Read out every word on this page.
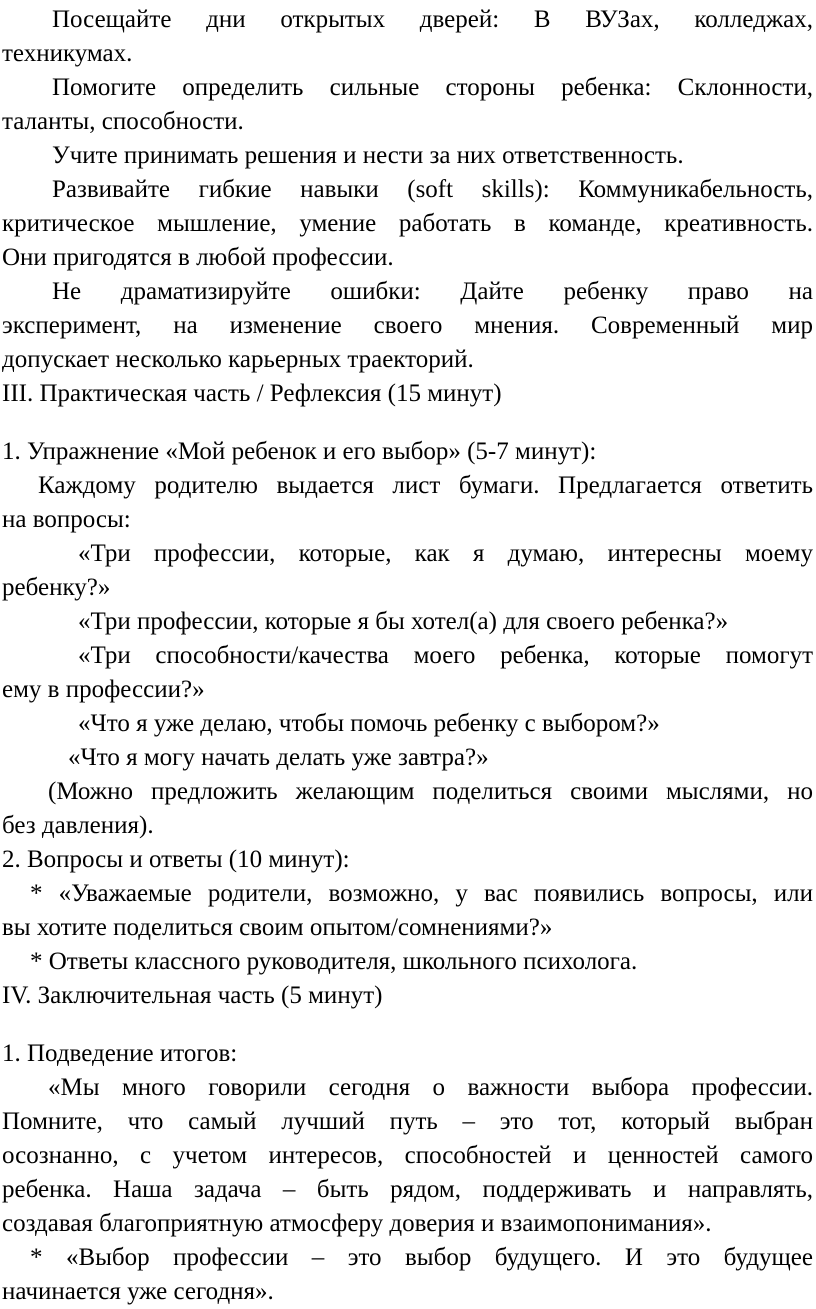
Посещайте дни открытых дверей: В ВУЗах, колледжах,
техникумах.
Помогите определить сильные стороны ребенка: Склонности,
таланты, способности.
Учите принимать решения и нести за них ответственность.
Развивайте гибкие навыки (soft skills): Коммуникабельность,
критическое мышление, умение работать в команде, креативность.
Они пригодятся в любой профессии.
Не драматизируйте ошибки: Дайте ребенку право на
эксперимент, на изменение своего мнения. Современный мир
допускает несколько карьерных траекторий.
III. Практическая часть / Рефлексия (15 минут)
1. Упражнение «Мой ребенок и его выбор» (5-7 минут):
Каждому родителю выдается лист бумаги. Предлагается ответить
на вопросы:
«Три профессии, которые, как я думаю, интересны моему
ребенку?»
«Три профессии, которые я бы хотел(а) для своего ребенка?»
«Три способности/качества моего ребенка, которые помогут
ему в профессии?»
«Что я уже делаю, чтобы помочь ребенку с выбором?»
«Что я могу начать делать уже завтра?»
(Можно предложить желающим поделиться своими мыслями, но
без давления).
2. Вопросы и ответы (10 минут):
* «Уважаемые родители, возможно, у вас появились вопросы, или
вы хотите поделиться своим опытом/сомнениями?»
* Ответы классного руководителя, школьного психолога.
IV. Заключительная часть (5 минут)
1. Подведение итогов:
«Мы много говорили сегодня о важности выбора профессии.
Помните, что самый лучший путь – это тот, который выбран
осознанно, с учетом интересов, способностей и ценностей самого
ребенка. Наша задача – быть рядом, поддерживать и направлять,
создавая благоприятную атмосферу доверия и взаимопонимания».
* «Выбор профессии – это выбор будущего. И это будущее
начинается уже сегодня».
